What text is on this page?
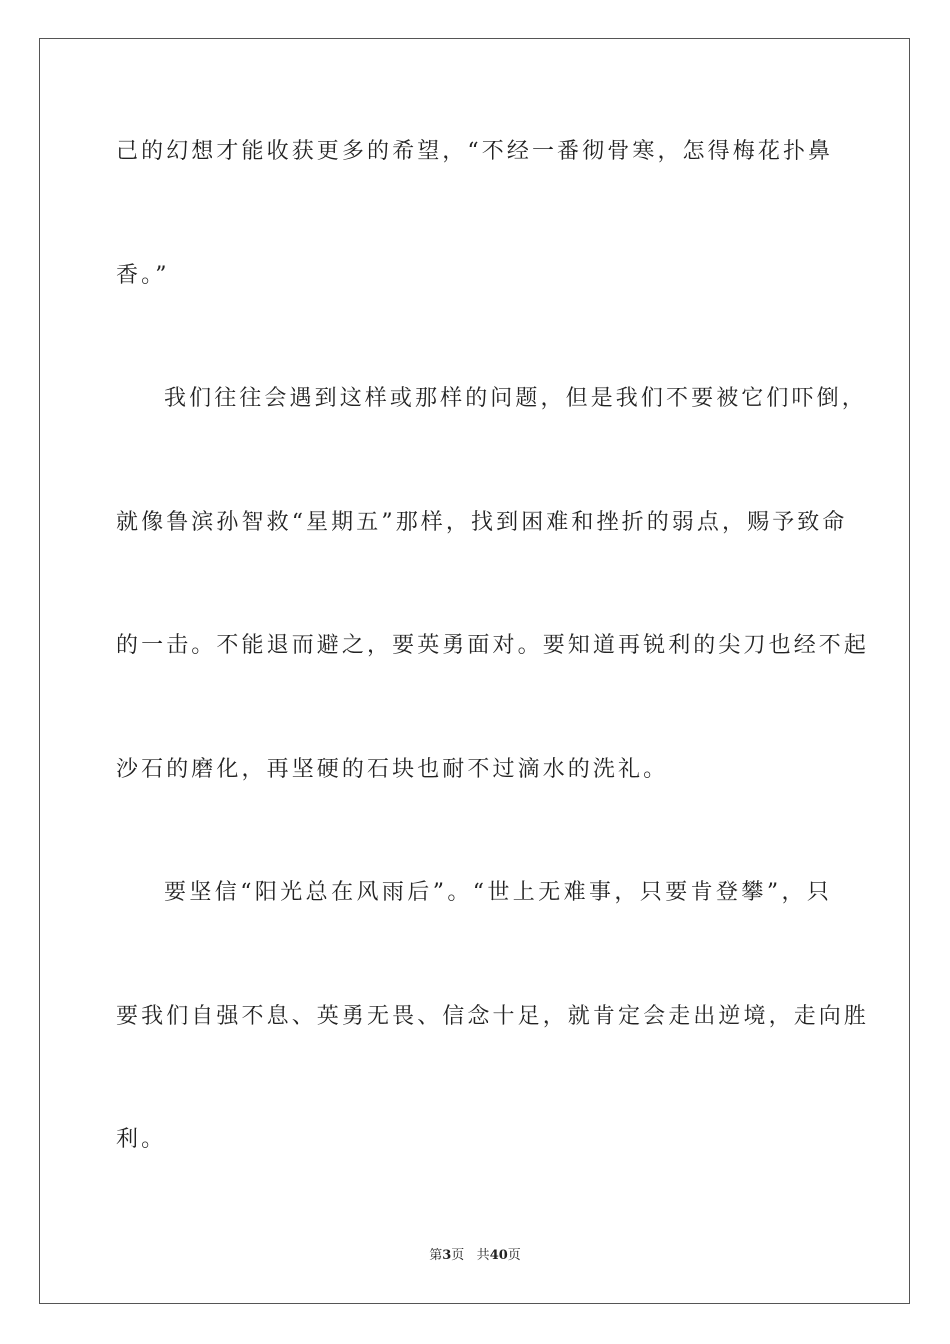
己的幻想才能收获更多的希望，“不经一番彻骨寒，怎得梅花扑鼻
香。”
我们往往会遇到这样或那样的问题，但是我们不要被它们吓倒，
就像鲁滨孙智救“星期五”那样，找到困难和挫折的弱点，赐予致命
的一击。不能退而避之，要英勇面对。要知道再锐利的尖刀也经不起
沙石的磨化，再坚硬的石块也耐不过滴水的洗礼。
要坚信“阳光总在风雨后”。“世上无难事，只要肯登攀”，只
要我们自强不息、英勇无畏、信念十足，就肯定会走出逆境，走向胜
利。
第3页 共40页
